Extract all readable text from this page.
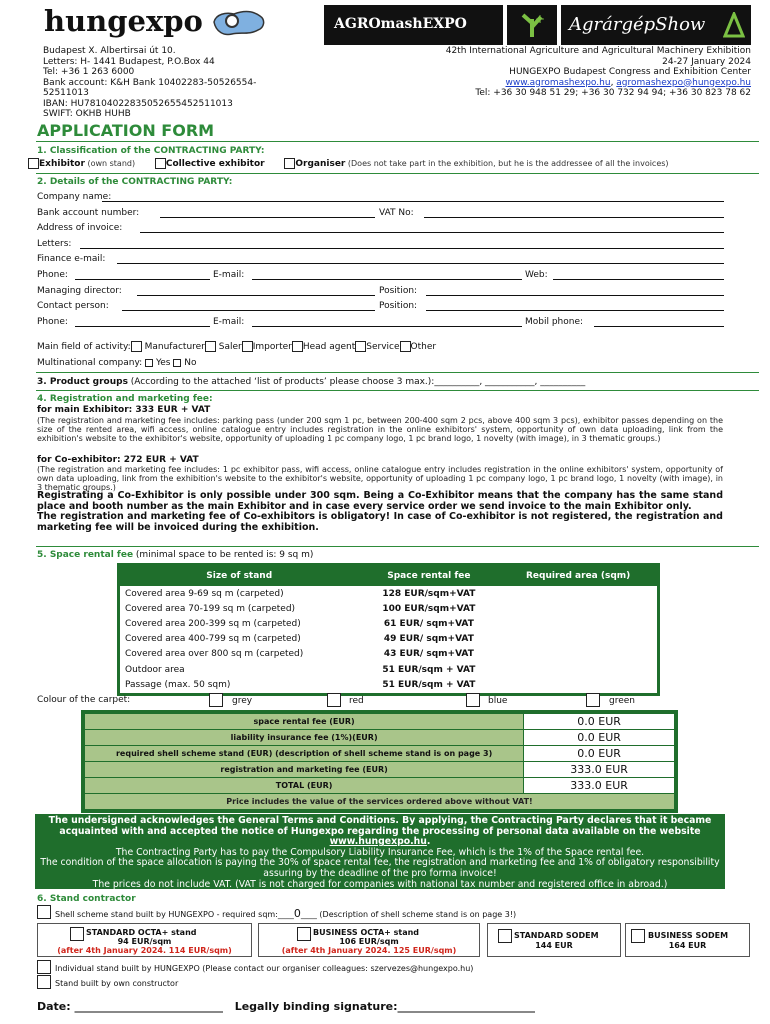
hungexpo	AGROmashEXPO	+ AgrárgépShow
Budapest X. Albertirsai út 10.
Letters: H- 1441 Budapest, P.O.Box 44
Tel: +36 1 263 6000
Bank account: K&H Bank 10402283-50526554-
52511013
IBAN: HU78104022835052655452511013
SWIFT: OKHB HUHB
42th International Agriculture and Agricultural Machinery Exhibition
24-27 January 2024
HUNGEXPO Budapest Congress and Exhibition Center
www.agromashexpo.hu, agromashexpo@hungexpo.hu
Tel: +36 30 948 51 29; +36 30 732 94 94; +36 30 823 78 62
APPLICATION FORM
1. Classification of the CONTRACTING PARTY:
Exhibitor (own stand)	Collective exhibitor	Organiser (Does not take part in the exhibition, but he is the addressee of all the invoices)
2. Details of the CONTRACTING PARTY:
Company name:
Bank account number:	VAT No:
Address of invoice:
Letters:
Finance e-mail:
Phone:	E-mail:	Web:
Managing director:	Position:
Contact person:	Position:
Phone:	E-mail:	Mobil phone:
Main field of activity: Manufacturer Saler Importer Head agent Service Other
Multinational company: Yes No
3. Product groups (According to the attached ‘list of products’ please choose 3 max.):__________, ___________, __________
4. Registration and marketing fee:
for main Exhibitor: 333 EUR + VAT
(The registration and marketing fee includes: parking pass (under 200 sqm 1 pc, between 200-400 sqm 2 pcs, above 400 sqm 3 pcs), exhibitor passes depending on the size of the rented area, wifi access, online catalogue entry includes registration in the online exhibitors' system, opportunity of own data uploading, link from the exhibition's website to the exhibitor's website, opportunity of uploading 1 pc company logo, 1 pc brand logo, 1 novelty (with image), in 3 thematic groups.)
for Co-exhibitor: 272 EUR + VAT
(The registration and marketing fee includes: 1 pc exhibitor pass, wifi access, online catalogue entry includes registration in the online exhibitors' system, opportunity of own data uploading, link from the exhibition's website to the exhibitor's website, opportunity of uploading 1 pc company logo, 1 pc brand logo, 1 novelty (with image), in 3 thematic groups.)
Registrating a Co-Exhibitor is only possible under 300 sqm. Being a Co-Exhibitor means that the company has the same stand place and booth number as the main Exhibitor and in case every service order we send invoice to the main Exhibitor only.
The registration and marketing fee of Co-exhibitors is obligatory! In case of Co-exhibitor is not registered, the registration and marketing fee will be invoiced during the exhibition.
5. Space rental fee (minimal space to be rented is: 9 sq m)
Size of stand	Space rental fee	Required area (sqm)
Covered area 9-69 sq m (carpeted)	128 EUR/sqm+VAT	
Covered area 70-199 sq m (carpeted)	100 EUR/sqm+VAT	
Covered area 200-399 sq m (carpeted)	61 EUR/ sqm+VAT	
Covered area 400-799 sq m (carpeted)	49 EUR/ sqm+VAT	
Covered area over 800 sq m (carpeted)	43 EUR/ sqm+VAT	
Outdoor area	51 EUR/sqm + VAT	
Passage (max. 50 sqm)	51 EUR/sqm + VAT	
Colour of the carpet:	grey	red	blue	green
space rental fee (EUR)	0.0 EUR
liability insurance fee (1%)(EUR)	0.0 EUR
required shell scheme stand (EUR) (description of shell scheme stand is on page 3)	0.0 EUR
registration and marketing fee (EUR)	333.0 EUR
TOTAL (EUR)	333.0 EUR
Price includes the value of the services ordered above without VAT!	
The undersigned acknowledges the General Terms and Conditions. By applying, the Contracting Party declares that it became acquainted with and accepted the notice of Hungexpo regarding the processing of personal data available on the website www.hungexpo.hu.
The Contracting Party has to pay the Compulsory Liability Insurance Fee, which is the 1% of the Space rental fee.
The condition of the space allocation is paying the 30% of space rental fee, the registration and marketing fee and 1% of obligatory responsibility assuring by the deadline of the pro forma invoice!
The prices do not include VAT. (VAT is not charged for companies with national tax number and registered office in abroad.)
6. Stand contractor
Shell scheme stand built by HUNGEXPO - required sqm:____0____ (Description of shell scheme stand is on page 3!)
STANDARD OCTA+ stand
94 EUR/sqm
(after 4th January 2024. 114 EUR/sqm)
BUSINESS OCTA+ stand
106 EUR/sqm
(after 4th January 2024. 125 EUR/sqm)
STANDARD SODEM
144 EUR
BUSINESS SODEM
164 EUR
Individual stand built by HUNGEXPO (Please contact our organiser colleagues: szervezes@hungexpo.hu)
Stand built by own constructor
Date: ___________________________ Legally binding signature:_________________________
